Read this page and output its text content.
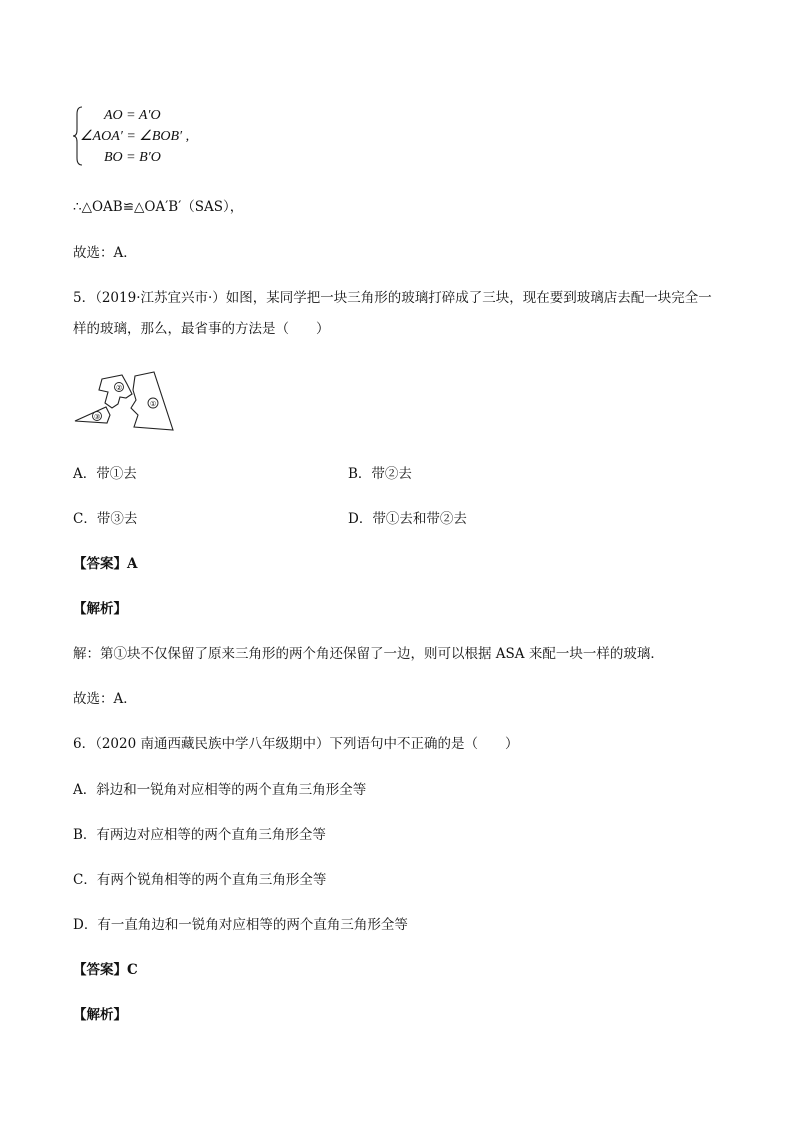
AO = A′O
∠AOA′ = ∠BOB′ ,
BO = B′O
∴△OAB≌△OA′B′（SAS），
故选：A．
5．（2019·江苏宜兴市·）如图，某同学把一块三角形的玻璃打碎成了三块，现在要到玻璃店去配一块完全一
样的玻璃，那么，最省事的方法是（　　）
②
①
③
A．带①去	B．带②去
C．带③去	D．带①去和带②去
【答案】A
【解析】
解：第①块不仅保留了原来三角形的两个角还保留了一边，则可以根据 ASA 来配一块一样的玻璃．
故选：A．
6．（2020 南通西藏民族中学八年级期中）下列语句中不正确的是（　　）
A．斜边和一锐角对应相等的两个直角三角形全等
B．有两边对应相等的两个直角三角形全等
C．有两个锐角相等的两个直角三角形全等
D．有一直角边和一锐角对应相等的两个直角三角形全等
【答案】C
【解析】
